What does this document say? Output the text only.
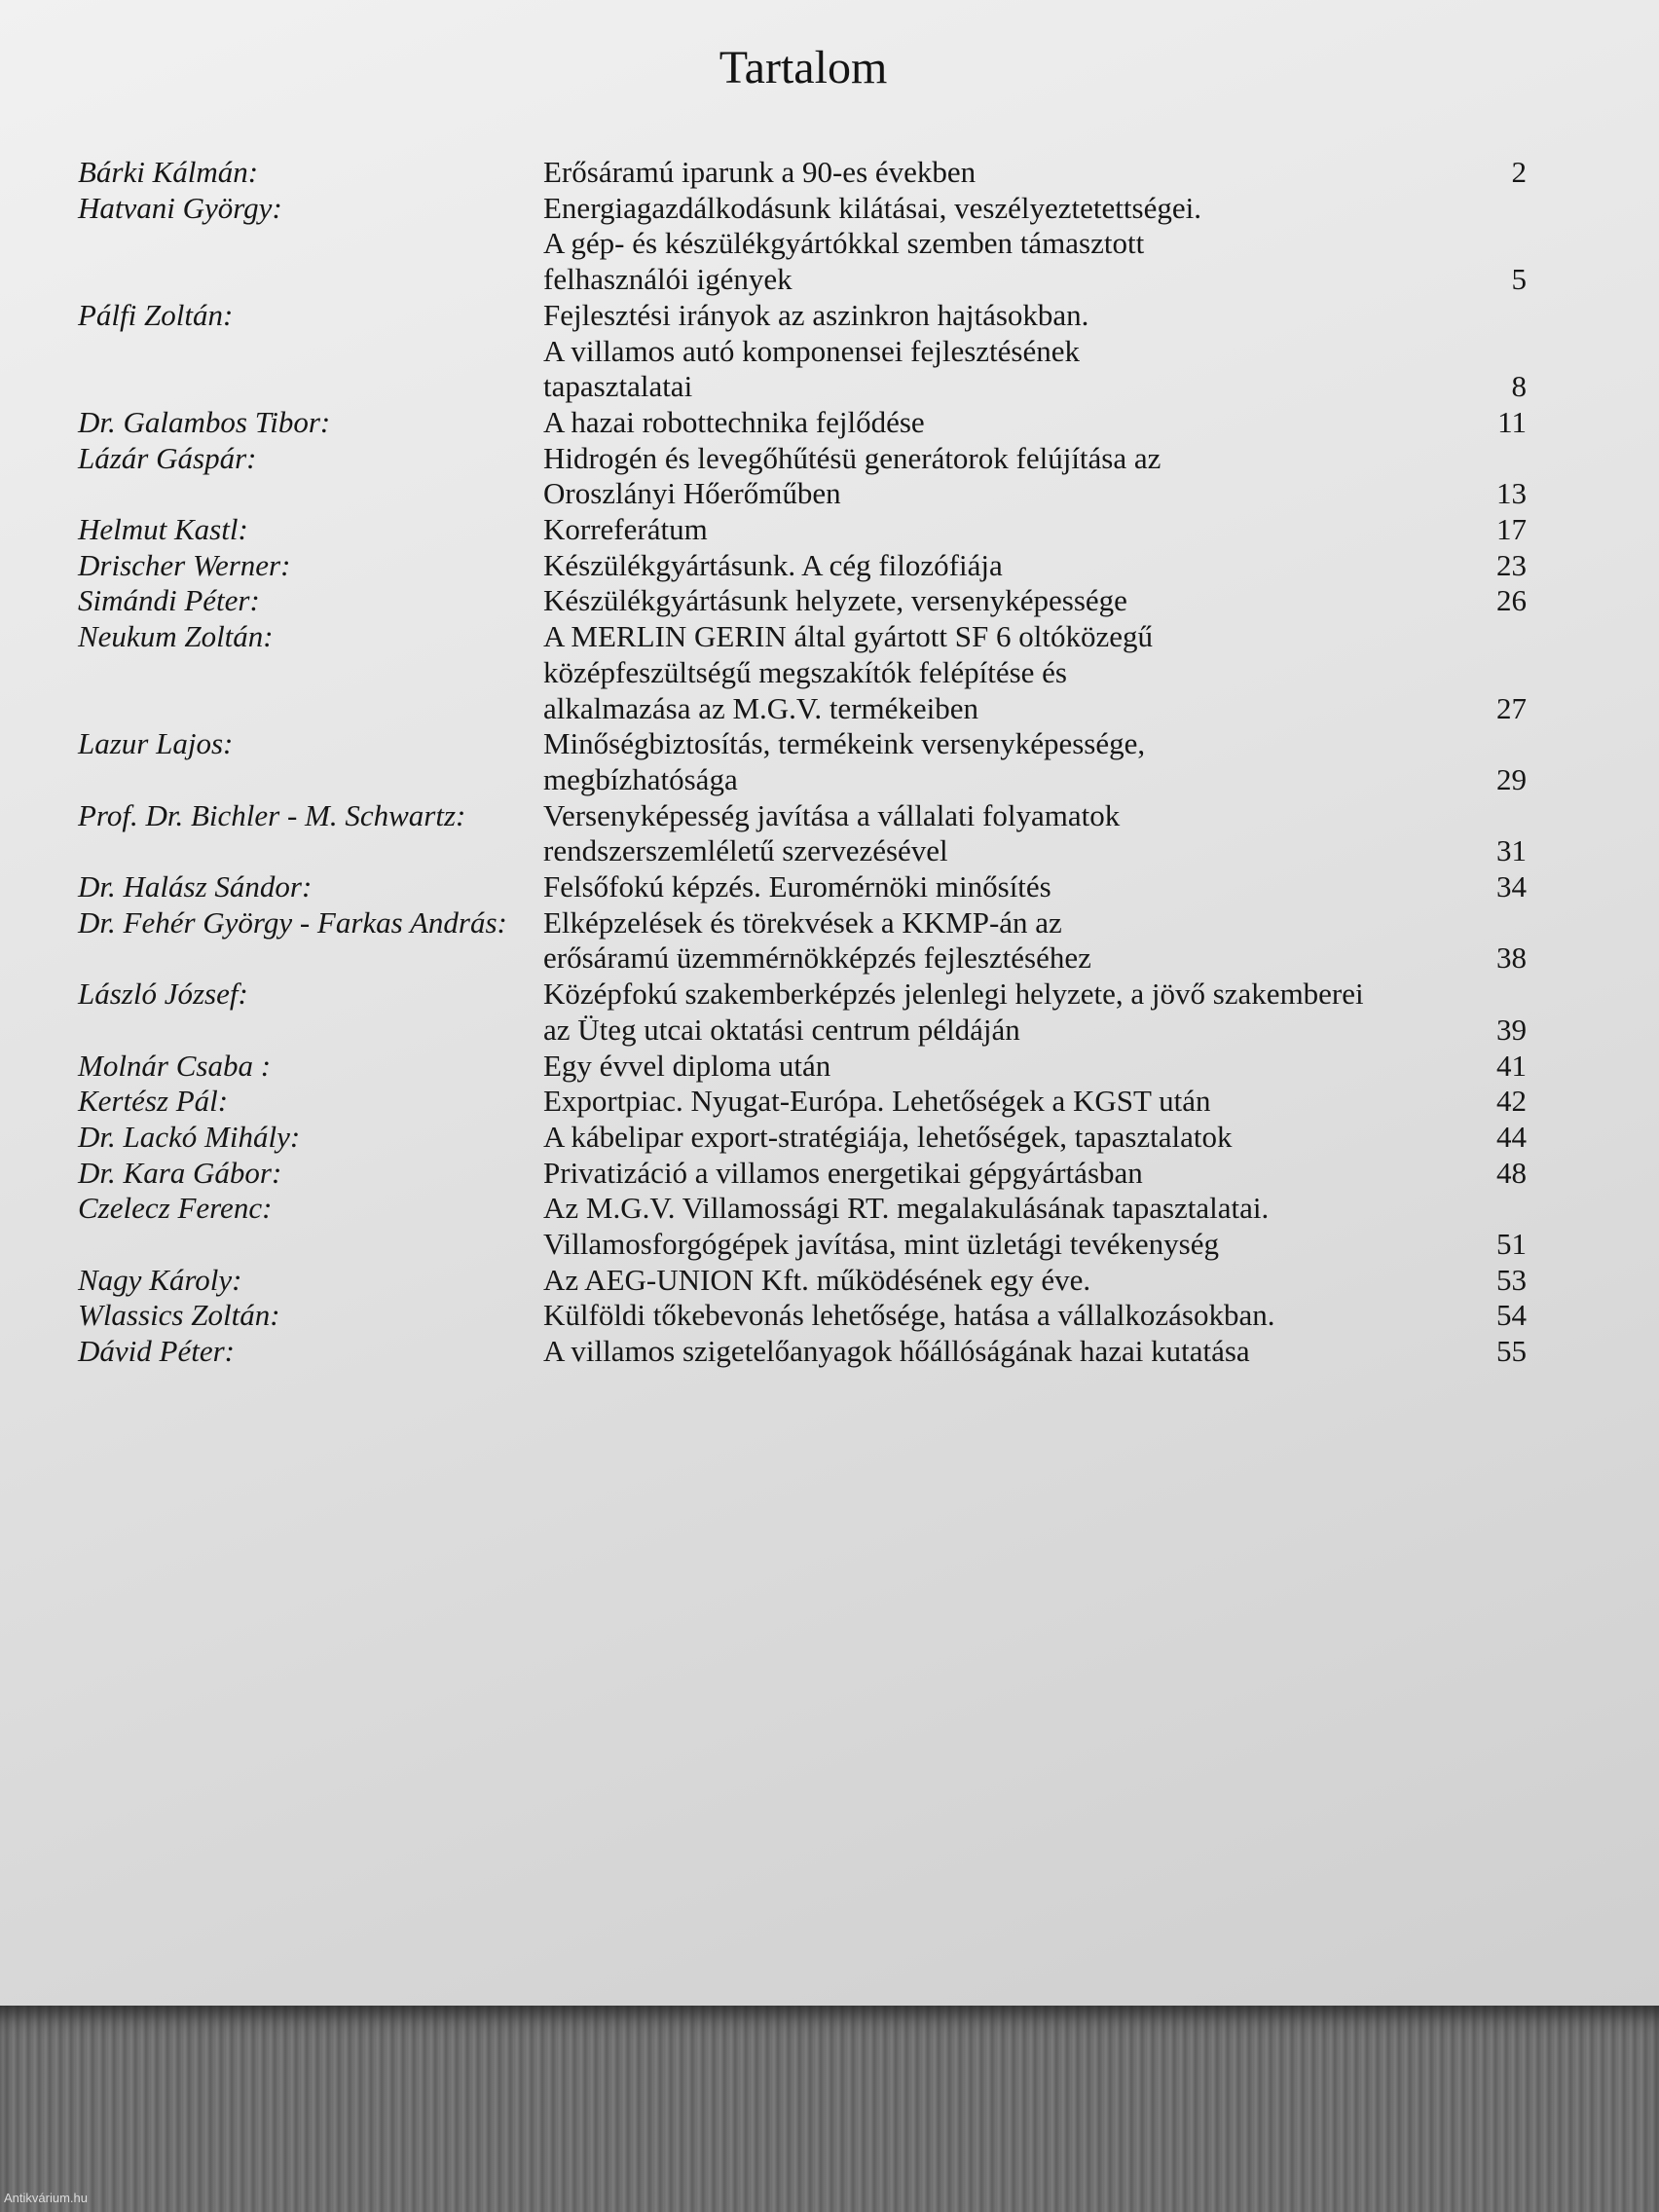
Tartalom
Bárki Kálmán:	Erősáramú iparunk a 90-es években	2
Hatvani György:	Energiagazdálkodásunk kilátásai, veszélyeztetettségei.
A gép- és készülékgyártókkal szemben támasztott
felhasználói igények	5
Pálfi Zoltán:	Fejlesztési irányok az aszinkron hajtásokban.
A villamos autó komponensei fejlesztésének
tapasztalatai	8
Dr. Galambos Tibor:	A hazai robottechnika fejlődése	11
Lázár Gáspár:	Hidrogén és levegőhűtésü generátorok felújítása az
Oroszlányi Hőerőműben	13
Helmut Kastl:	Korreferátum	17
Drischer Werner:	Készülékgyártásunk. A cég filozófiája	23
Simándi Péter:	Készülékgyártásunk helyzete, versenyképessége	26
Neukum Zoltán:	A MERLIN GERIN által gyártott SF 6 oltóközegű
középfeszültségű megszakítók felépítése és
alkalmazása az M.G.V. termékeiben	27
Lazur Lajos:	Minőségbiztosítás, termékeink versenyképessége,
megbízhatósága	29
Prof. Dr. Bichler - M. Schwartz:	Versenyképesség javítása a vállalati folyamatok
rendszerszemléletű szervezésével	31
Dr. Halász Sándor:	Felsőfokú képzés. Euromérnöki minősítés	34
Dr. Fehér György - Farkas András: Elképzelések és törekvések a KKMP-án az
erősáramú üzemmérnökképzés fejlesztéséhez	38
László József:	Középfokú szakemberképzés jelenlegi helyzete, a jövő szakemberei
az Üteg utcai oktatási centrum példáján	39
Molnár Csaba :	Egy évvel diploma után	41
Kertész Pál:	Exportpiac. Nyugat-Európa. Lehetőségek a KGST után	42
Dr. Lackó Mihály:	A kábelipar export-stratégiája, lehetőségek, tapasztalatok	44
Dr. Kara Gábor:	Privatizáció a villamos energetikai gépgyártásban	48
Czelecz Ferenc:	Az M.G.V. Villamossági RT. megalakulásának tapasztalatai.
Villamosforgógépek javítása, mint üzletági tevékenység	51
Nagy Károly:	Az AEG-UNION Kft. működésének egy éve.	53
Wlassics Zoltán:	Külföldi tőkebevonás lehetősége, hatása a vállalkozásokban.	54
Dávid Péter:	A villamos szigetelőanyagok hőállóságának hazai kutatása	55
Antikvárium.hu
